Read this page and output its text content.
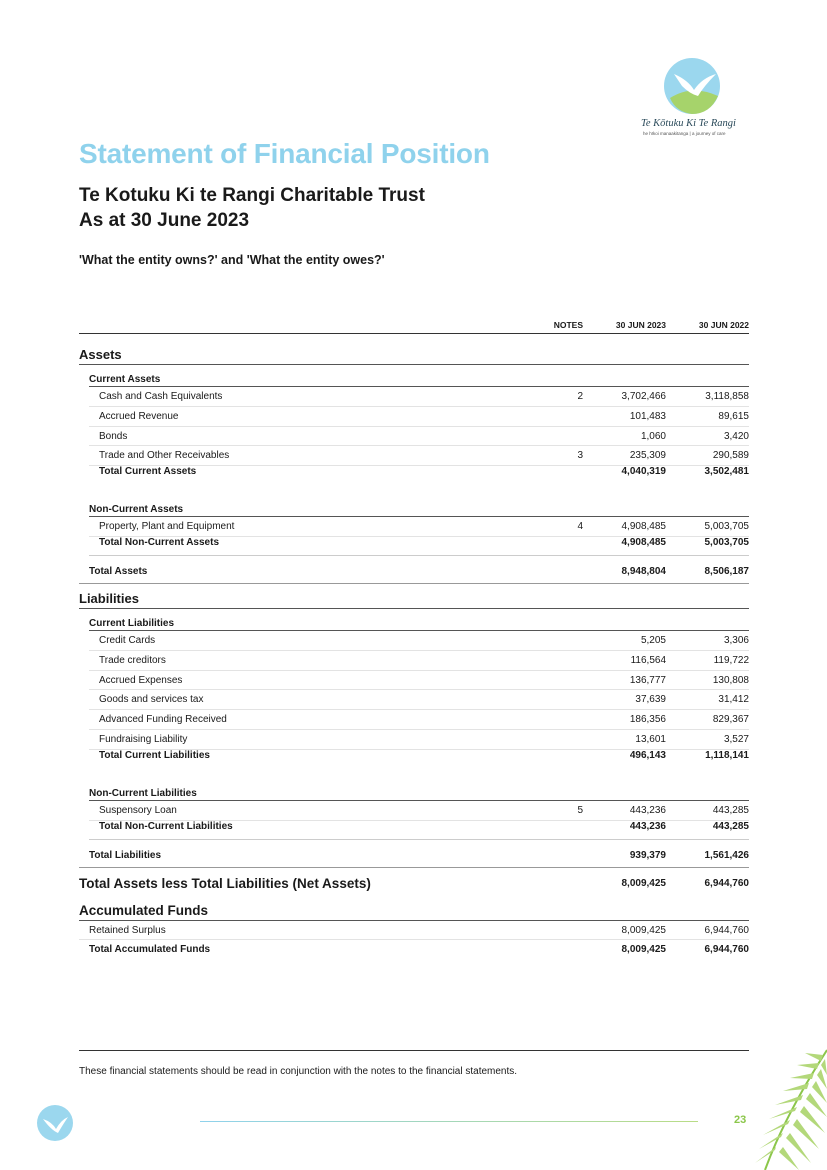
Te Kōtuku Ki Te Rangi
he hīkoi manaakitanga | a journey of care
Statement of Financial Position
Te Kotuku Ki te Rangi Charitable Trust
As at 30 June 2023
'What the entity owns?' and 'What the entity owes?'
NOTES	30 JUN 2023	30 JUN 2022
Assets
Current Assets
Cash and Cash Equivalents	2	3,702,466	3,118,858
Accrued Revenue	101,483	89,615
Bonds	1,060	3,420
Trade and Other Receivables	3	235,309	290,589
Total Current Assets	4,040,319	3,502,481
Non-Current Assets
Property, Plant and Equipment	4	4,908,485	5,003,705
Total Non-Current Assets	4,908,485	5,003,705
Total Assets	8,948,804	8,506,187
Liabilities
Current Liabilities
Credit Cards	5,205	3,306
Trade creditors	116,564	119,722
Accrued Expenses	136,777	130,808
Goods and services tax	37,639	31,412
Advanced Funding Received	186,356	829,367
Fundraising Liability	13,601	3,527
Total Current Liabilities	496,143	1,118,141
Non-Current Liabilities
Suspensory Loan	5	443,236	443,285
Total Non-Current Liabilities	443,236	443,285
Total Liabilities	939,379	1,561,426
Total Assets less Total Liabilities (Net Assets)	8,009,425	6,944,760
Accumulated Funds
Retained Surplus	8,009,425	6,944,760
Total Accumulated Funds	8,009,425	6,944,760
These financial statements should be read in conjunction with the notes to the financial statements.
23
